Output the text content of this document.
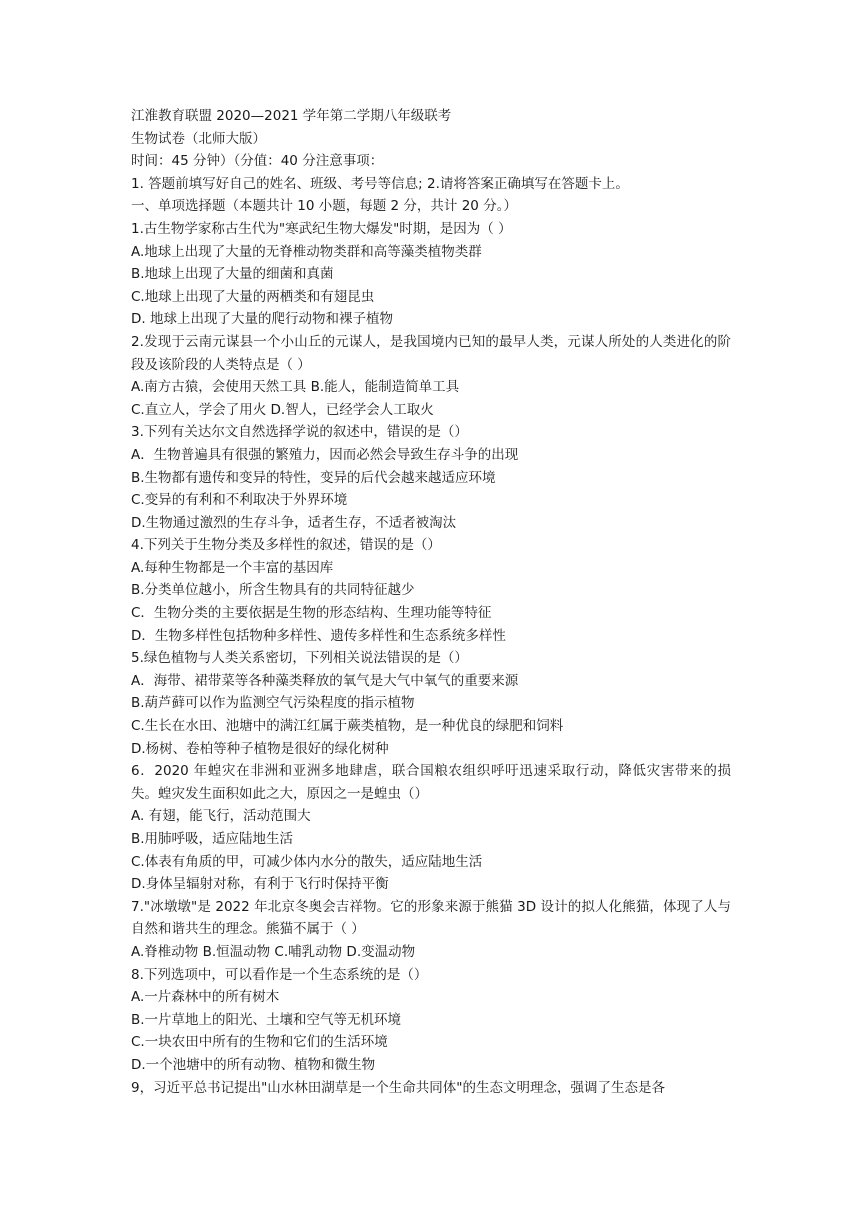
江淮教育联盟 2020—2021 学年第二学期八年级联考
生物试卷（北师大版）
时间：45 分钟）（分值：40 分注意事项：
1. 答题前填写好自己的姓名、班级、考号等信息; 2.请将答案正确填写在答题卡上。
一、单项选择题（本题共计 10 小题，每题 2 分，共计 20 分。）
1.古生物学家称古生代为"寒武纪生物大爆发"时期，是因为（ ）
A.地球上出现了大量的无脊椎动物类群和高等藻类植物类群
B.地球上出现了大量的细菌和真菌
C.地球上出现了大量的两栖类和有翅昆虫
D. 地球上出现了大量的爬行动物和裸子植物
2.发现于云南元谋县一个小山丘的元谋人，是我国境内已知的最早人类，元谋人所处的人类进化的阶段及该阶段的人类特点是（ ）
A.南方古猿，会使用天然工具 B.能人，能制造简单工具
C.直立人，学会了用火 D.智人，已经学会人工取火
3.下列有关达尔文自然选择学说的叙述中，错误的是（）
A．生物普遍具有很强的繁殖力，因而必然会导致生存斗争的出现
B.生物都有遗传和变异的特性，变异的后代会越来越适应环境
C.变异的有利和不利取决于外界环境
D.生物通过激烈的生存斗争，适者生存，不适者被淘汰
4.下列关于生物分类及多样性的叙述，错误的是（）
A.每种生物都是一个丰富的基因库
B.分类单位越小，所含生物具有的共同特征越少
C．生物分类的主要依据是生物的形态结构、生理功能等特征
D．生物多样性包括物种多样性、遗传多样性和生态系统多样性
5.绿色植物与人类关系密切，下列相关说法错误的是（）
A．海带、裙带菜等各种藻类释放的氧气是大气中氧气的重要来源
B.葫芦藓可以作为监测空气污染程度的指示植物
C.生长在水田、池塘中的满江红属于蕨类植物，是一种优良的绿肥和饲料
D.杨树、卷柏等种子植物是很好的绿化树种
6．2020 年蝗灾在非洲和亚洲多地肆虐，联合国粮农组织呼吁迅速采取行动，降低灾害带来的损失。蝗灾发生面积如此之大，原因之一是蝗虫（）
A. 有翅，能飞行，活动范围大
B.用肺呼吸，适应陆地生活
C.体表有角质的甲，可减少体内水分的散失，适应陆地生活
D.身体呈辐射对称，有利于飞行时保持平衡
7."冰墩墩"是 2022 年北京冬奥会吉祥物。它的形象来源于熊猫 3D 设计的拟人化熊猫，体现了人与自然和谐共生的理念。熊猫不属于（ ）
A.脊椎动物 B.恒温动物 C.哺乳动物 D.变温动物
8.下列选项中，可以看作是一个生态系统的是（）
A.一片森林中的所有树木
B.一片草地上的阳光、土壤和空气等无机环境
C.一块农田中所有的生物和它们的生活环境
D.一个池塘中的所有动物、植物和微生物
9，习近平总书记提出"山水林田湖草是一个生命共同体"的生态文明理念，强调了生态是各
